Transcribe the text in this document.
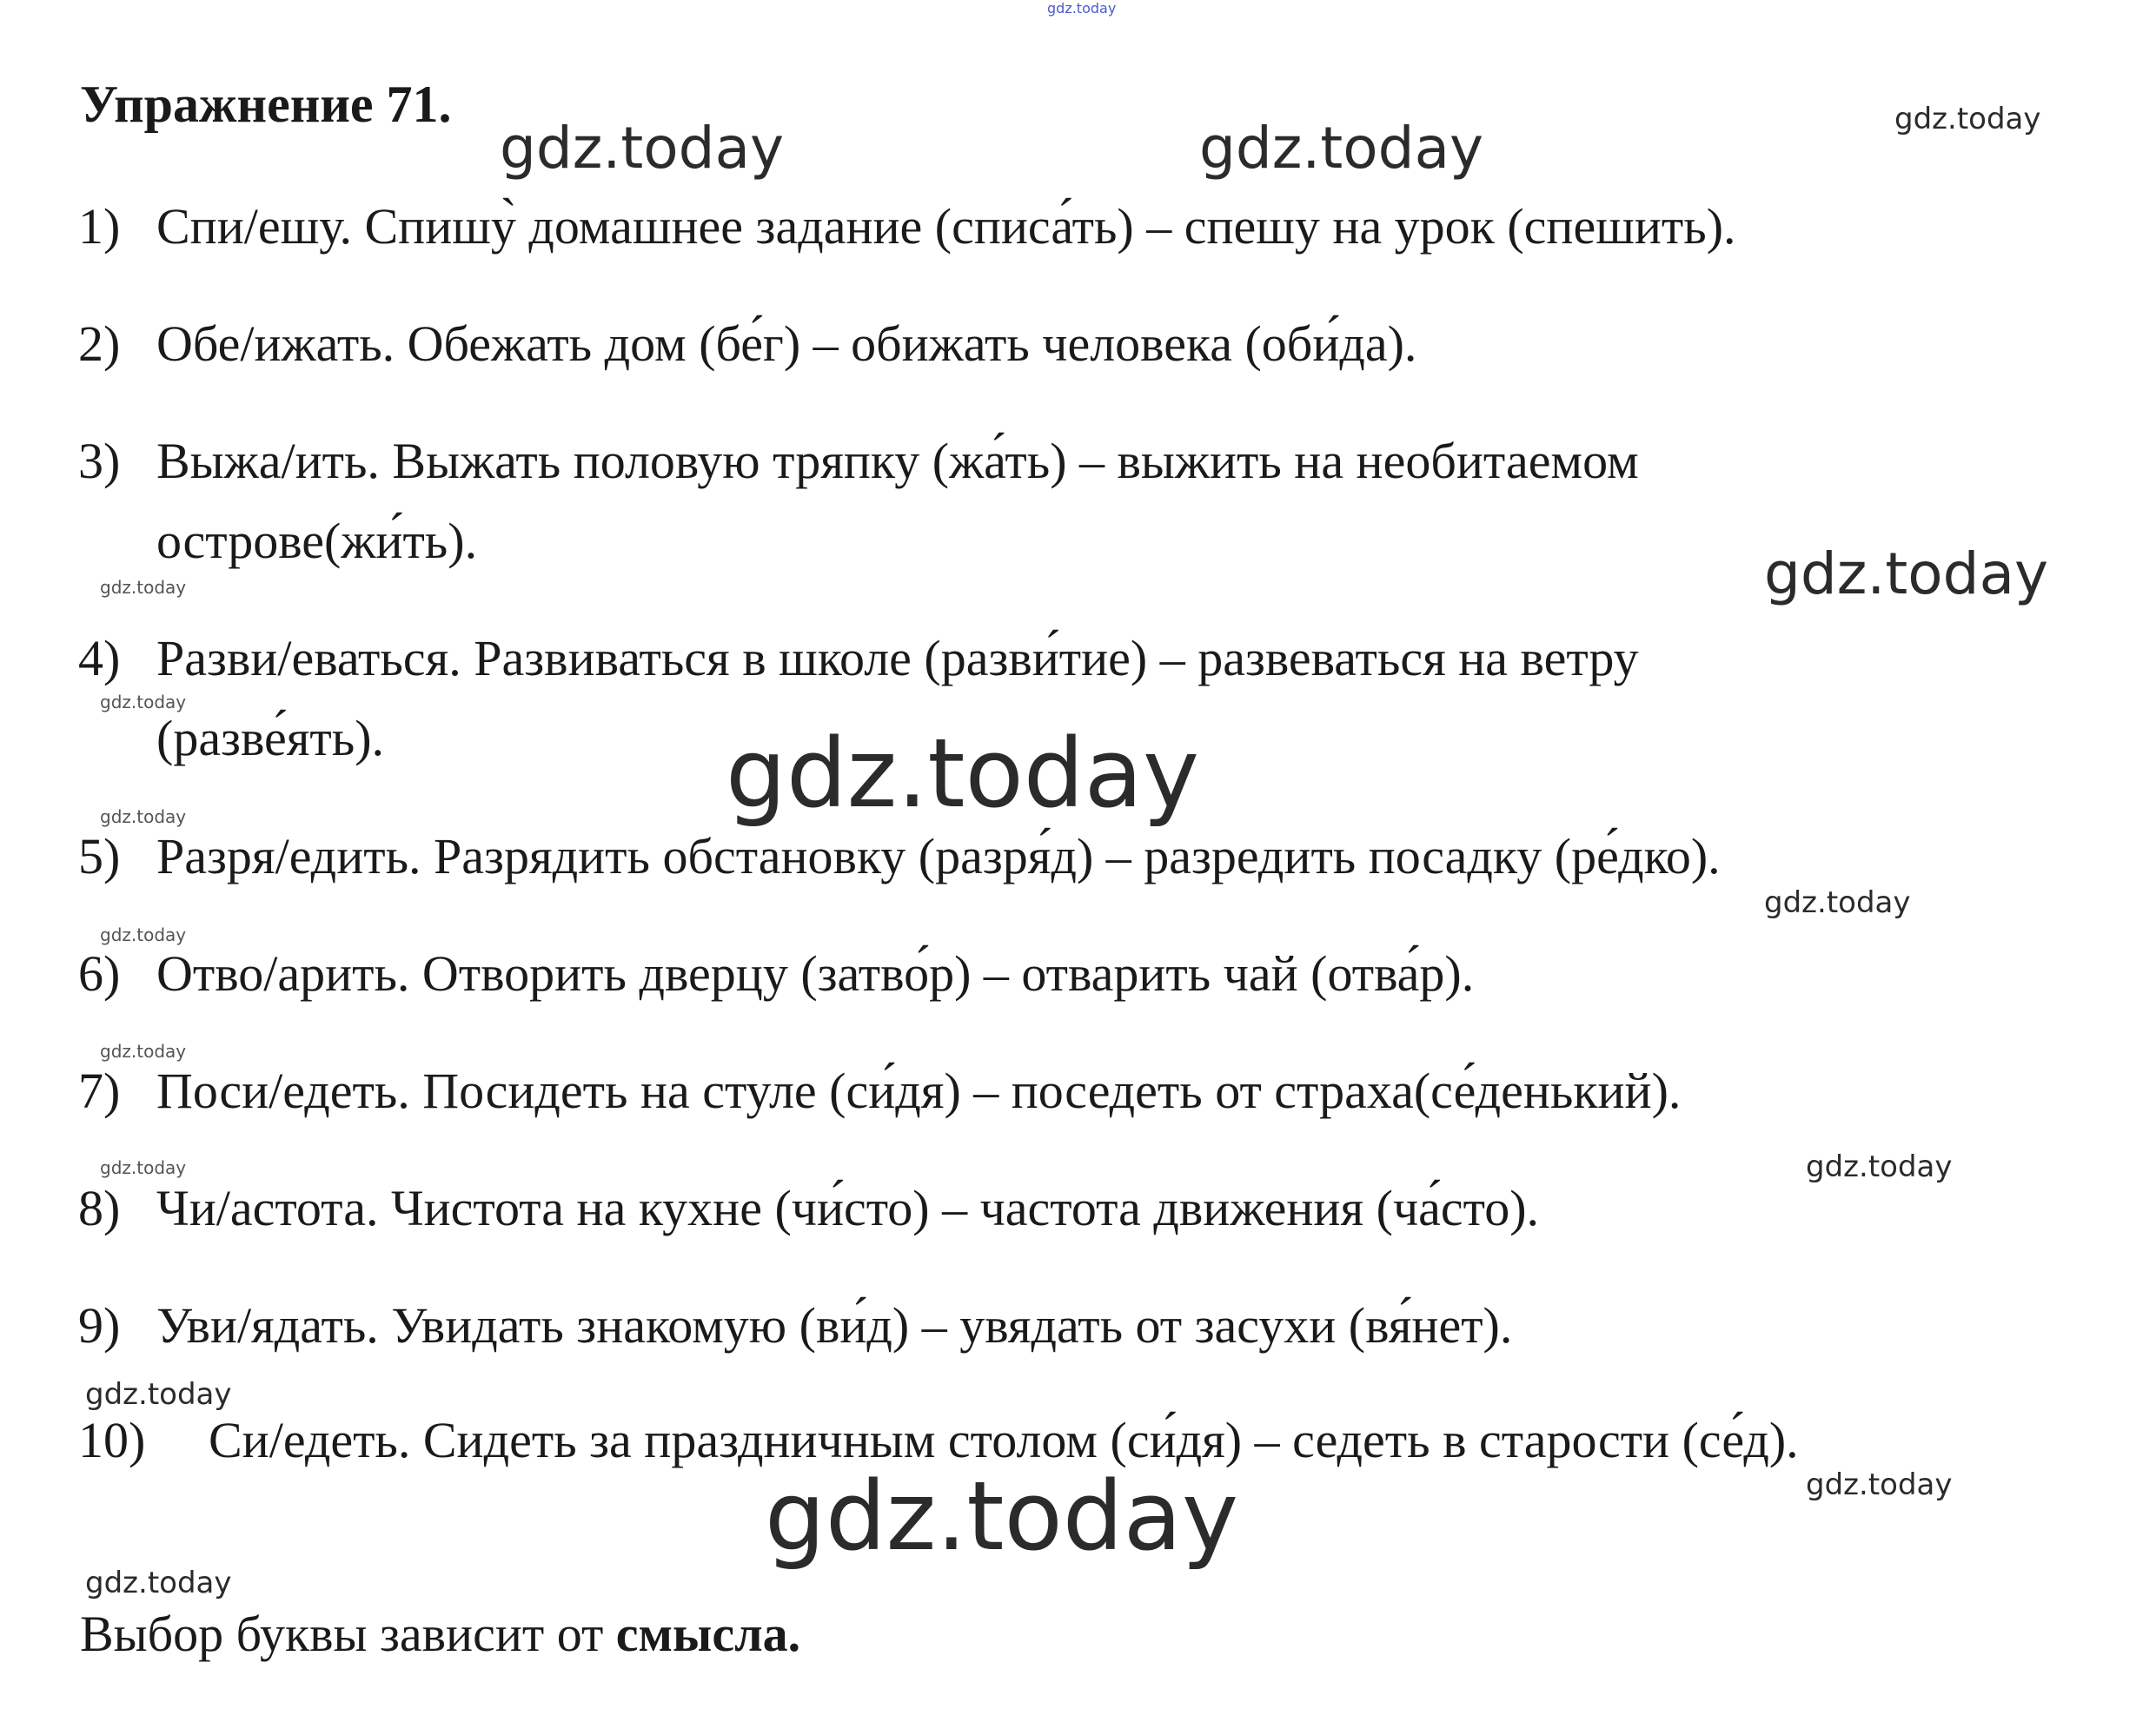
Упражнение 71.
1) Спи/ешу. Спишу̀ домашнее задание (списа́ть) – спешу на урок (спешить).
2) Обе/ижать. Обежать дом (бе́г) – обижать человека (оби́да).
3) Выжа/ить. Выжать половую тряпку (жа́ть) – выжить на необитаемом
острове(жи́ть).
4) Разви/еваться. Развиваться в школе (разви́тие) – развеваться на ветру
(разве́ять).
5) Разря/едить. Разрядить обстановку (разря́д) – разредить посадку (ре́дко).
6) Отво/арить. Отворить дверцу (затво́р) – отварить чай (отва́р).
7) Поси/едеть. Посидеть на стуле (си́дя) – поседеть от страха(се́денький).
8) Чи/астота. Чистота на кухне (чи́сто) – частота движения (ча́сто).
9) Уви/ядать. Увидать знакомую (ви́д) – увядать от засухи (вя́нет).
10) Си/едеть. Сидеть за праздничным столом (си́дя) – седеть в старости (се́д).

Выбор буквы зависит от смысла.

gdz.today
gdz.today	gdz.today	gdz.today
gdz.today	gdz.today
gdz.today
gdz.today
gdz.today
gdz.today
gdz.today
gdz.today
gdz.today	gdz.today
gdz.today
gdz.today
gdz.today
gdz.today
